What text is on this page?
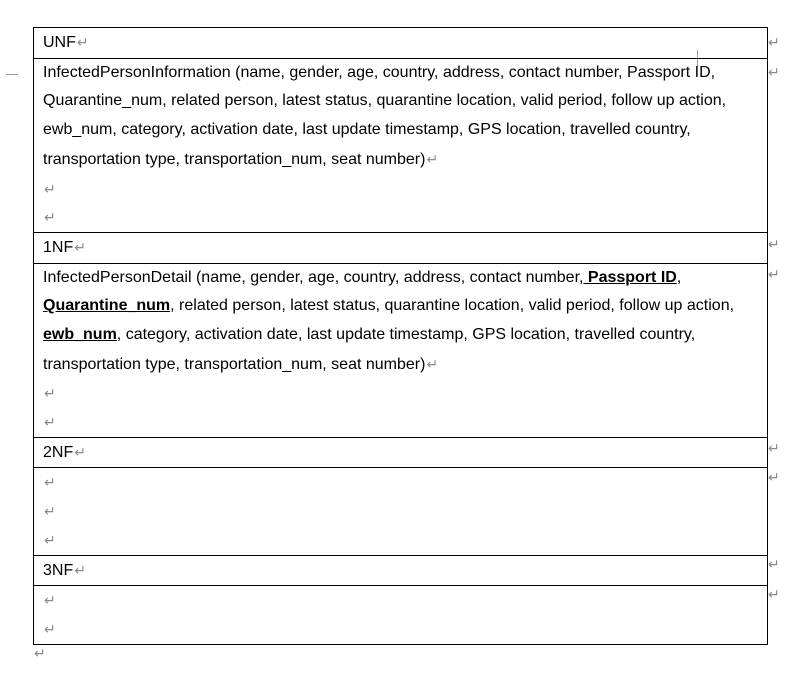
UNF↵
InfectedPersonInformation (name, gender, age, country, address, contact number, Passport ID, Quarantine_num, related person, latest status, quarantine location, valid period, follow up action, ewb_num, category, activation date, last update timestamp, GPS location, travelled country, transportation type, transportation_num, seat number)↵
↵
↵

1NF↵
InfectedPersonDetail (name, gender, age, country, address, contact number, Passport ID, Quarantine_num, related person, latest status, quarantine location, valid period, follow up action, ewb_num, category, activation date, last update timestamp, GPS location, travelled country, transportation type, transportation_num, seat number)↵
↵
↵

2NF↵

↵
↵
↵

3NF↵

↵
↵
↵
↵
↵
↵
↵
↵
↵
↵
↵
